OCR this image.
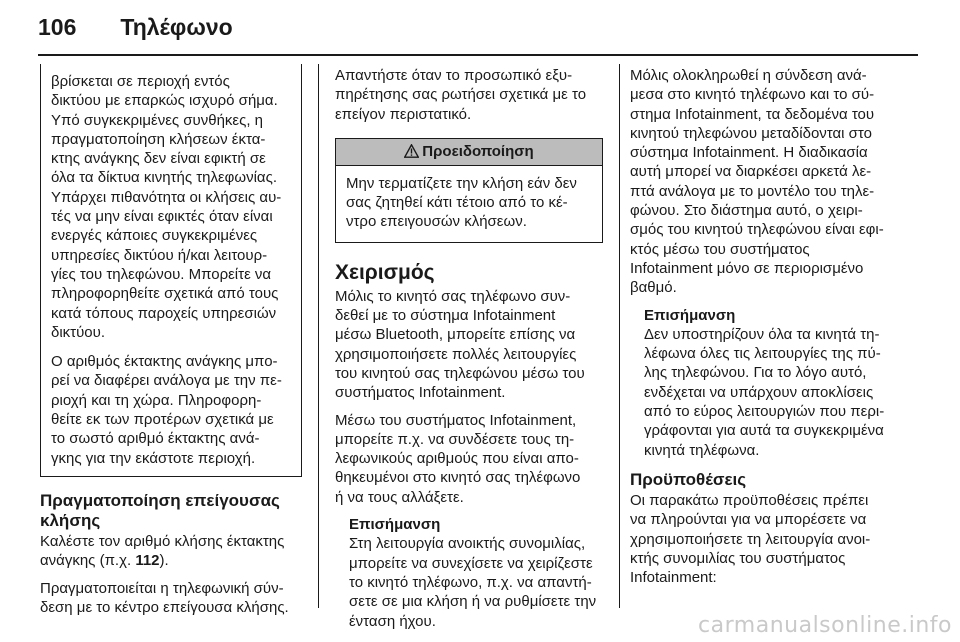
106 Τηλέφωνο

βρίσκεται σε περιοχή εντός
δικτύου με επαρκώς ισχυρό σήμα.
Υπό συγκεκριμένες συνθήκες, η
πραγματοποίηση κλήσεων έκτα-
κτης ανάγκης δεν είναι εφικτή σε
όλα τα δίκτυα κινητής τηλεφωνίας.
Υπάρχει πιθανότητα οι κλήσεις αυ-
τές να μην είναι εφικτές όταν είναι
ενεργές κάποιες συγκεκριμένες
υπηρεσίες δικτύου ή/και λειτουρ-
γίες του τηλεφώνου. Μπορείτε να
πληροφορηθείτε σχετικά από τους
κατά τόπους παροχείς υπηρεσιών
δικτύου.

Ο αριθμός έκτακτης ανάγκης μπο-
ρεί να διαφέρει ανάλογα με την πε-
ριοχή και τη χώρα. Πληροφορη-
θείτε εκ των προτέρων σχετικά με
το σωστό αριθμό έκτακτης ανά-
γκης για την εκάστοτε περιοχή.

Πραγματοποίηση επείγουσας
κλήσης

Καλέστε τον αριθμό κλήσης έκτακτης
ανάγκης (π.χ. 112).

Πραγματοποιείται η τηλεφωνική σύν-
δεση με το κέντρο επείγουσα κλήσης.

Απαντήστε όταν το προσωπικό εξυ-
πηρέτησης σας ρωτήσει σχετικά με το
επείγον περιστατικό.

Προειδοποίηση
Μην τερματίζετε την κλήση εάν δεν
σας ζητηθεί κάτι τέτοιο από το κέ-
ντρο επειγουσών κλήσεων.
Χειρισμός

Μόλις το κινητό σας τηλέφωνο συν-
δεθεί με το σύστημα Infotainment
μέσω Bluetooth, μπορείτε επίσης να
χρησιμοποιήσετε πολλές λειτουργίες
του κινητού σας τηλεφώνου μέσω του
συστήματος Infotainment.

Μέσω του συστήματος Infotainment,
μπορείτε π.χ. να συνδέσετε τους τη-
λεφωνικούς αριθμούς που είναι απο-
θηκευμένοι στο κινητό σας τηλέφωνο
ή να τους αλλάξετε.

Επισήμανση
Στη λειτουργία ανοικτής συνομιλίας,
μπορείτε να συνεχίσετε να χειρίζεστε
το κινητό τηλέφωνο, π.χ. να απαντή-
σετε σε μια κλήση ή να ρυθμίσετε την
ένταση ήχου.

Μόλις ολοκληρωθεί η σύνδεση ανά-
μεσα στο κινητό τηλέφωνο και το σύ-
στημα Infotainment, τα δεδομένα του
κινητού τηλεφώνου μεταδίδονται στο
σύστημα Infotainment. Η διαδικασία
αυτή μπορεί να διαρκέσει αρκετά λε-
πτά ανάλογα με το μοντέλο του τηλε-
φώνου. Στο διάστημα αυτό, ο χειρι-
σμός του κινητού τηλεφώνου είναι εφι-
κτός μέσω του συστήματος
Infotainment μόνο σε περιορισμένο
βαθμό.

Επισήμανση
Δεν υποστηρίζουν όλα τα κινητά τη-
λέφωνα όλες τις λειτουργίες της πύ-
λης τηλεφώνου. Για το λόγο αυτό,
ενδέχεται να υπάρχουν αποκλίσεις
από το εύρος λειτουργιών που περι-
γράφονται για αυτά τα συγκεκριμένα
κινητά τηλέφωνα.
Προϋποθέσεις

Οι παρακάτω προϋποθέσεις πρέπει
να πληρούνται για να μπορέσετε να
χρησιμοποιήσετε τη λειτουργία ανοι-
κτής συνομιλίας του συστήματος
Infotainment:

carmanualsonline.info
